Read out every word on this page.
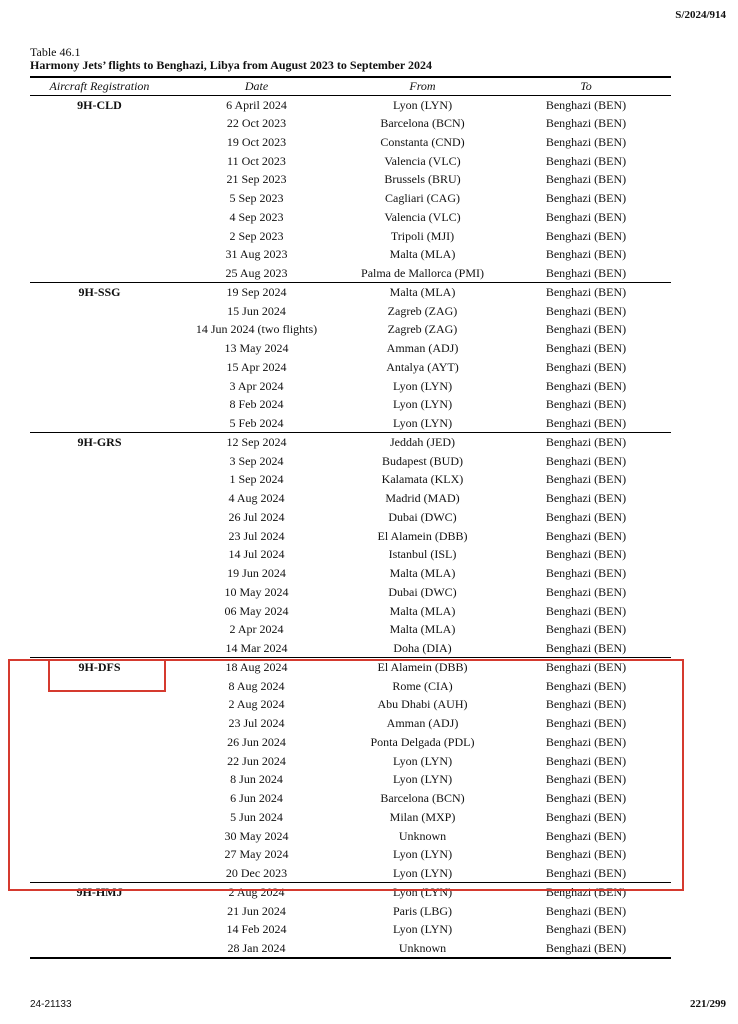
S/2024/914
Table 46.1
Harmony Jets’ flights to Benghazi, Libya from August 2023 to September 2024
Aircraft Registration	Date	From	To
9H-CLD	6 April 2024	Lyon (LYN)	Benghazi (BEN)
	22 Oct 2023	Barcelona (BCN)	Benghazi (BEN)
	19 Oct 2023	Constanta (CND)	Benghazi (BEN)
	11 Oct 2023	Valencia (VLC)	Benghazi (BEN)
	21 Sep 2023	Brussels (BRU)	Benghazi (BEN)
	5 Sep 2023	Cagliari (CAG)	Benghazi (BEN)
	4 Sep 2023	Valencia (VLC)	Benghazi (BEN)
	2 Sep 2023	Tripoli (MJI)	Benghazi (BEN)
	31 Aug 2023	Malta (MLA)	Benghazi (BEN)
	25 Aug 2023	Palma de Mallorca (PMI)	Benghazi (BEN)
9H-SSG	19 Sep 2024	Malta (MLA)	Benghazi (BEN)
	15 Jun 2024	Zagreb (ZAG)	Benghazi (BEN)
	14 Jun 2024 (two flights)	Zagreb (ZAG)	Benghazi (BEN)
	13 May 2024	Amman (ADJ)	Benghazi (BEN)
	15 Apr 2024	Antalya (AYT)	Benghazi (BEN)
	3 Apr 2024	Lyon (LYN)	Benghazi (BEN)
	8 Feb 2024	Lyon (LYN)	Benghazi (BEN)
	5 Feb 2024	Lyon (LYN)	Benghazi (BEN)
9H-GRS	12 Sep 2024	Jeddah (JED)	Benghazi (BEN)
	3 Sep 2024	Budapest (BUD)	Benghazi (BEN)
	1 Sep 2024	Kalamata (KLX)	Benghazi (BEN)
	4 Aug 2024	Madrid (MAD)	Benghazi (BEN)
	26 Jul 2024	Dubai (DWC)	Benghazi (BEN)
	23 Jul 2024	El Alamein (DBB)	Benghazi (BEN)
	14 Jul 2024	Istanbul (ISL)	Benghazi (BEN)
	19 Jun 2024	Malta (MLA)	Benghazi (BEN)
	10 May 2024	Dubai (DWC)	Benghazi (BEN)
	06 May 2024	Malta (MLA)	Benghazi (BEN)
	2 Apr 2024	Malta (MLA)	Benghazi (BEN)
	14 Mar 2024	Doha (DIA)	Benghazi (BEN)
9H-DFS	18 Aug 2024	El Alamein (DBB)	Benghazi (BEN)
	8 Aug 2024	Rome (CIA)	Benghazi (BEN)
	2 Aug 2024	Abu Dhabi (AUH)	Benghazi (BEN)
	23 Jul 2024	Amman (ADJ)	Benghazi (BEN)
	26 Jun 2024	Ponta Delgada (PDL)	Benghazi (BEN)
	22 Jun 2024	Lyon (LYN)	Benghazi (BEN)
	8 Jun 2024	Lyon (LYN)	Benghazi (BEN)
	6 Jun 2024	Barcelona (BCN)	Benghazi (BEN)
	5 Jun 2024	Milan (MXP)	Benghazi (BEN)
	30 May 2024	Unknown	Benghazi (BEN)
	27 May 2024	Lyon (LYN)	Benghazi (BEN)
	20 Dec 2023	Lyon (LYN)	Benghazi (BEN)
9H-HMJ	2 Aug 2024	Lyon (LYN)	Benghazi (BEN)
	21 Jun 2024	Paris (LBG)	Benghazi (BEN)
	14 Feb 2024	Lyon (LYN)	Benghazi (BEN)
	28 Jan 2024	Unknown	Benghazi (BEN)
24-21133	221/299
